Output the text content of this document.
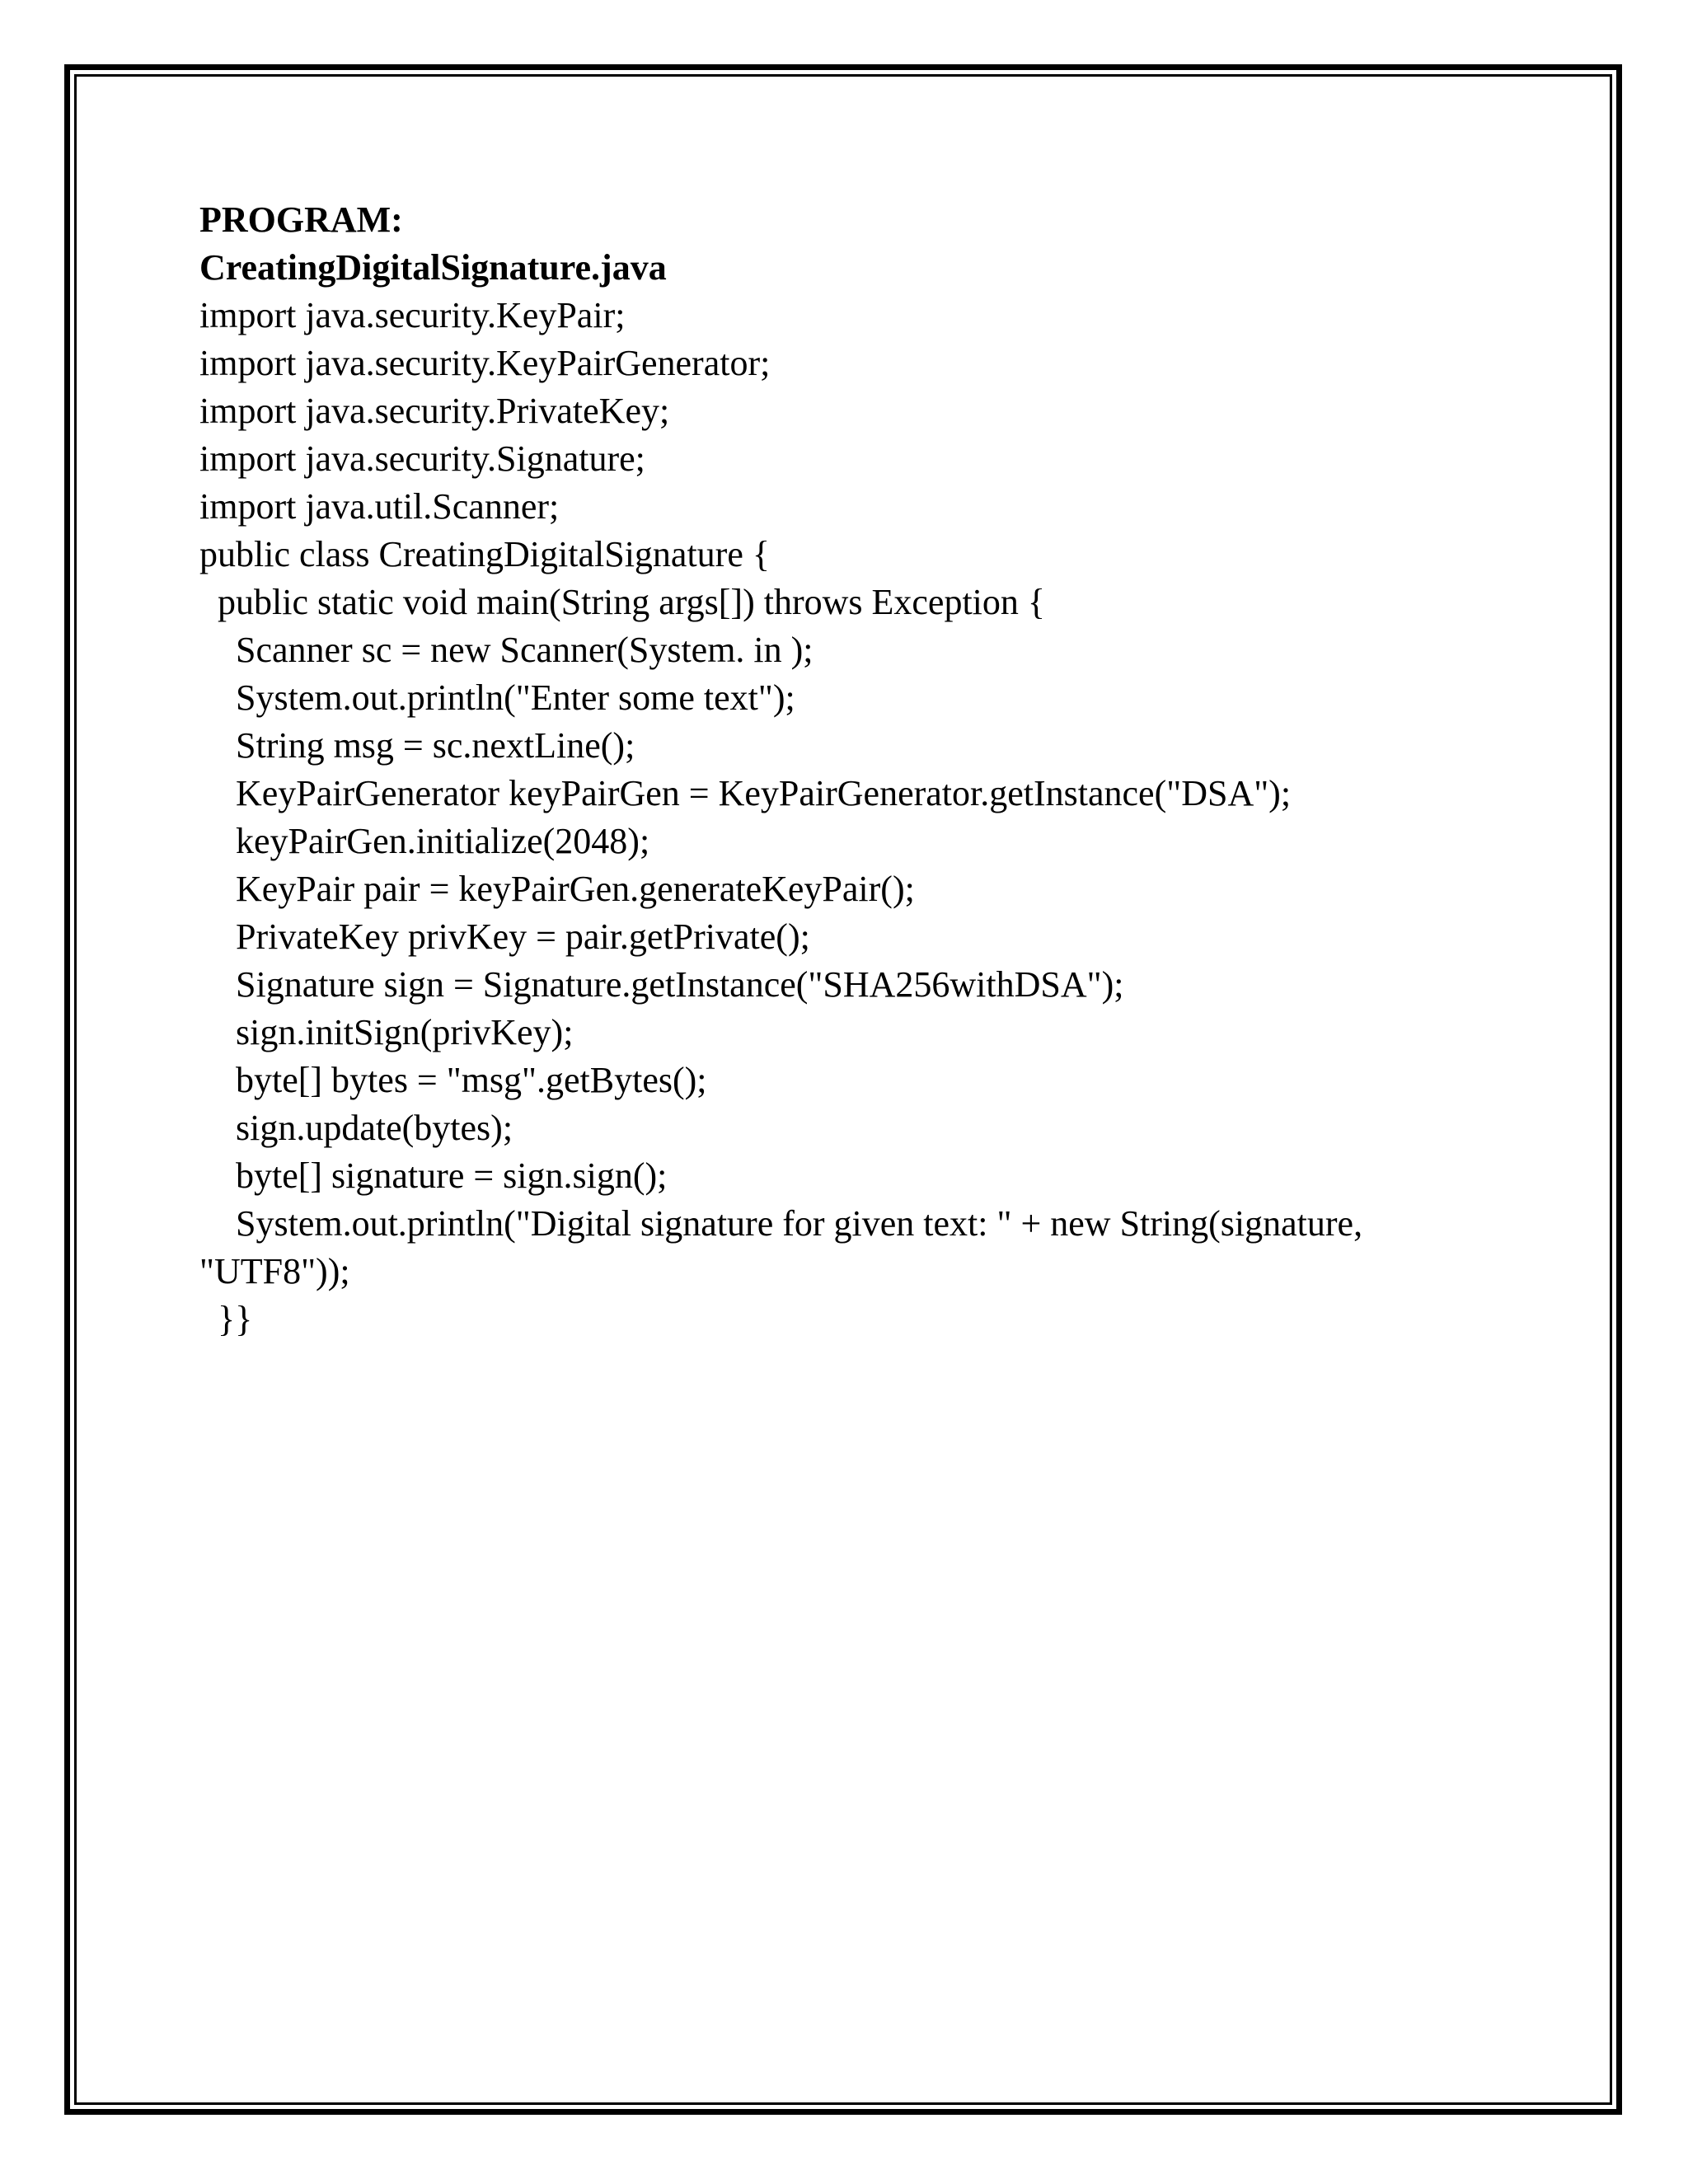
PROGRAM:
CreatingDigitalSignature.java
import java.security.KeyPair;
import java.security.KeyPairGenerator;
import java.security.PrivateKey;
import java.security.Signature;
import java.util.Scanner;
public class CreatingDigitalSignature {
public static void main(String args[]) throws Exception {
Scanner sc = new Scanner(System. in );
System.out.println("Enter some text");
String msg = sc.nextLine();
KeyPairGenerator keyPairGen = KeyPairGenerator.getInstance("DSA");
keyPairGen.initialize(2048);
KeyPair pair = keyPairGen.generateKeyPair();
PrivateKey privKey = pair.getPrivate();
Signature sign = Signature.getInstance("SHA256withDSA");
sign.initSign(privKey);
byte[] bytes = "msg".getBytes();
sign.update(bytes);
byte[] signature = sign.sign();
System.out.println("Digital signature for given text: " + new String(signature,
"UTF8"));
}}
